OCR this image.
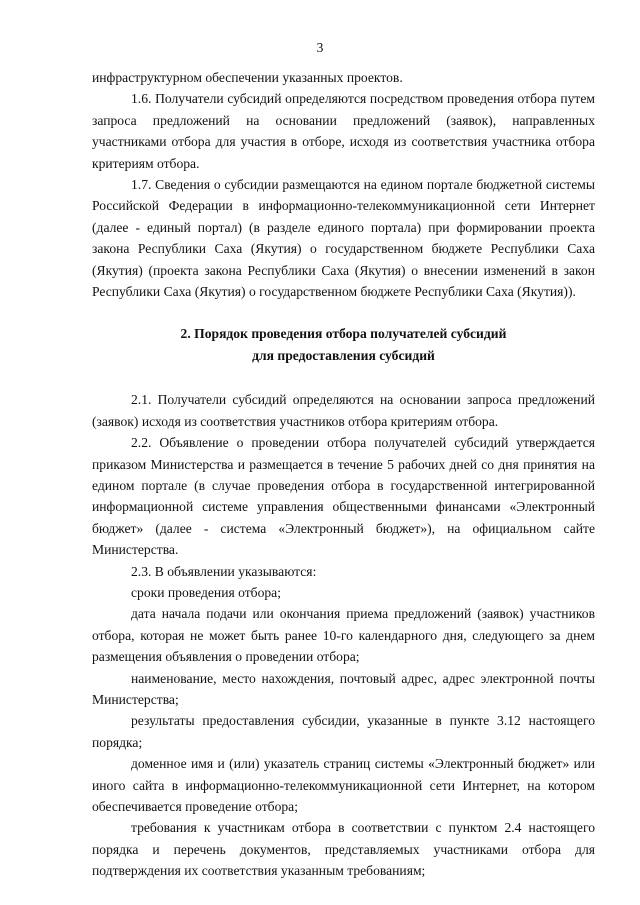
3

инфраструктурном обеспечении указанных проектов.

1.6. Получатели субсидий определяются посредством проведения отбора путем запроса предложений на основании предложений (заявок), направленных участниками отбора для участия в отборе, исходя из соответствия участника отбора критериям отбора.

1.7. Сведения о субсидии размещаются на едином портале бюджетной системы Российской Федерации в информационно-телекоммуникационной сети Интернет (далее - единый портал) (в разделе единого портала) при формировании проекта закона Республики Саха (Якутия) о государственном бюджете Республики Саха (Якутия) (проекта закона Республики Саха (Якутия) о внесении изменений в закон Республики Саха (Якутия) о государственном бюджете Республики Саха (Якутия)).

2. Порядок проведения отбора получателей субсидий

для предоставления субсидий

2.1. Получатели субсидий определяются на основании запроса предложений (заявок) исходя из соответствия участников отбора критериям отбора.

2.2. Объявление о проведении отбора получателей субсидий утверждается приказом Министерства и размещается в течение 5 рабочих дней со дня принятия на едином портале (в случае проведения отбора в государственной интегрированной информационной системе управления общественными финансами «Электронный бюджет» (далее - система «Электронный бюджет»), на официальном сайте Министерства.

2.3. В объявлении указываются:

сроки проведения отбора;

дата начала подачи или окончания приема предложений (заявок) участников отбора, которая не может быть ранее 10-го календарного дня, следующего за днем размещения объявления о проведении отбора;

наименование, место нахождения, почтовый адрес, адрес электронной почты Министерства;

результаты предоставления субсидии, указанные в пункте 3.12 настоящего порядка;

доменное имя и (или) указатель страниц системы «Электронный бюджет» или иного сайта в информационно-телекоммуникационной сети Интернет, на котором обеспечивается проведение отбора;

требования к участникам отбора в соответствии с пунктом 2.4 настоящего порядка и перечень документов, представляемых участниками отбора для подтверждения их соответствия указанным требованиям;
